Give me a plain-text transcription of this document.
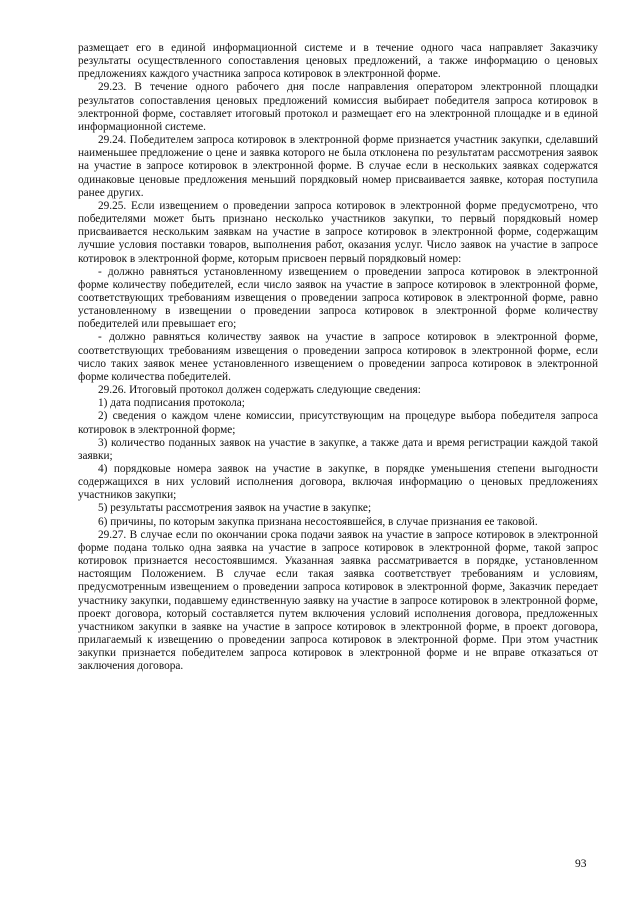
размещает его в единой информационной системе и в течение одного часа направляет Заказчику результаты осуществленного сопоставления ценовых предложений, а также информацию о ценовых предложениях каждого участника запроса котировок в электронной форме.

29.23. В течение одного рабочего дня после направления оператором электронной площадки результатов сопоставления ценовых предложений комиссия выбирает победителя запроса котировок в электронной форме, составляет итоговый протокол и размещает его на электронной площадке и в единой информационной системе.

29.24. Победителем запроса котировок в электронной форме признается участник закупки, сделавший наименьшее предложение о цене и заявка которого не была отклонена по результатам рассмотрения заявок на участие в запросе котировок в электронной форме. В случае если в нескольких заявках содержатся одинаковые ценовые предложения меньший порядковый номер присваивается заявке, которая поступила ранее других.

29.25. Если извещением о проведении запроса котировок в электронной форме предусмотрено, что победителями может быть признано несколько участников закупки, то первый порядковый номер присваивается нескольким заявкам на участие в запросе котировок в электронной форме, содержащим лучшие условия поставки товаров, выполнения работ, оказания услуг. Число заявок на участие в запросе котировок в электронной форме, которым присвоен первый порядковый номер:

- должно равняться установленному извещением о проведении запроса котировок в электронной форме количеству победителей, если число заявок на участие в запросе котировок в электронной форме, соответствующих требованиям извещения о проведении запроса котировок в электронной форме, равно установленному в извещении о проведении запроса котировок в электронной форме количеству победителей или превышает его;

- должно равняться количеству заявок на участие в запросе котировок в электронной форме, соответствующих требованиям извещения о проведении запроса котировок в электронной форме, если число таких заявок менее установленного извещением о проведении запроса котировок в электронной форме количества победителей.

29.26. Итоговый протокол должен содержать следующие сведения:

1) дата подписания протокола;

2) сведения о каждом члене комиссии, присутствующим на процедуре выбора победителя запроса котировок в электронной форме;

3) количество поданных заявок на участие в закупке, а также дата и время регистрации каждой такой заявки;

4) порядковые номера заявок на участие в закупке, в порядке уменьшения степени выгодности содержащихся в них условий исполнения договора, включая информацию о ценовых предложениях участников закупки;

5) результаты рассмотрения заявок на участие в закупке;

6) причины, по которым закупка признана несостоявшейся, в случае признания ее таковой.

29.27. В случае если по окончании срока подачи заявок на участие в запросе котировок в электронной форме подана только одна заявка на участие в запросе котировок в электронной форме, такой запрос котировок признается несостоявшимся. Указанная заявка рассматривается в порядке, установленном настоящим Положением. В случае если такая заявка соответствует требованиям и условиям, предусмотренным извещением о проведении запроса котировок в электронной форме, Заказчик передает участнику закупки, подавшему единственную заявку на участие в запросе котировок в электронной форме, проект договора, который составляется путем включения условий исполнения договора, предложенных участником закупки в заявке на участие в запросе котировок в электронной форме, в проект договора, прилагаемый к извещению о проведении запроса котировок в электронной форме. При этом участник закупки признается победителем запроса котировок в электронной форме и не вправе отказаться от заключения договора.

93
